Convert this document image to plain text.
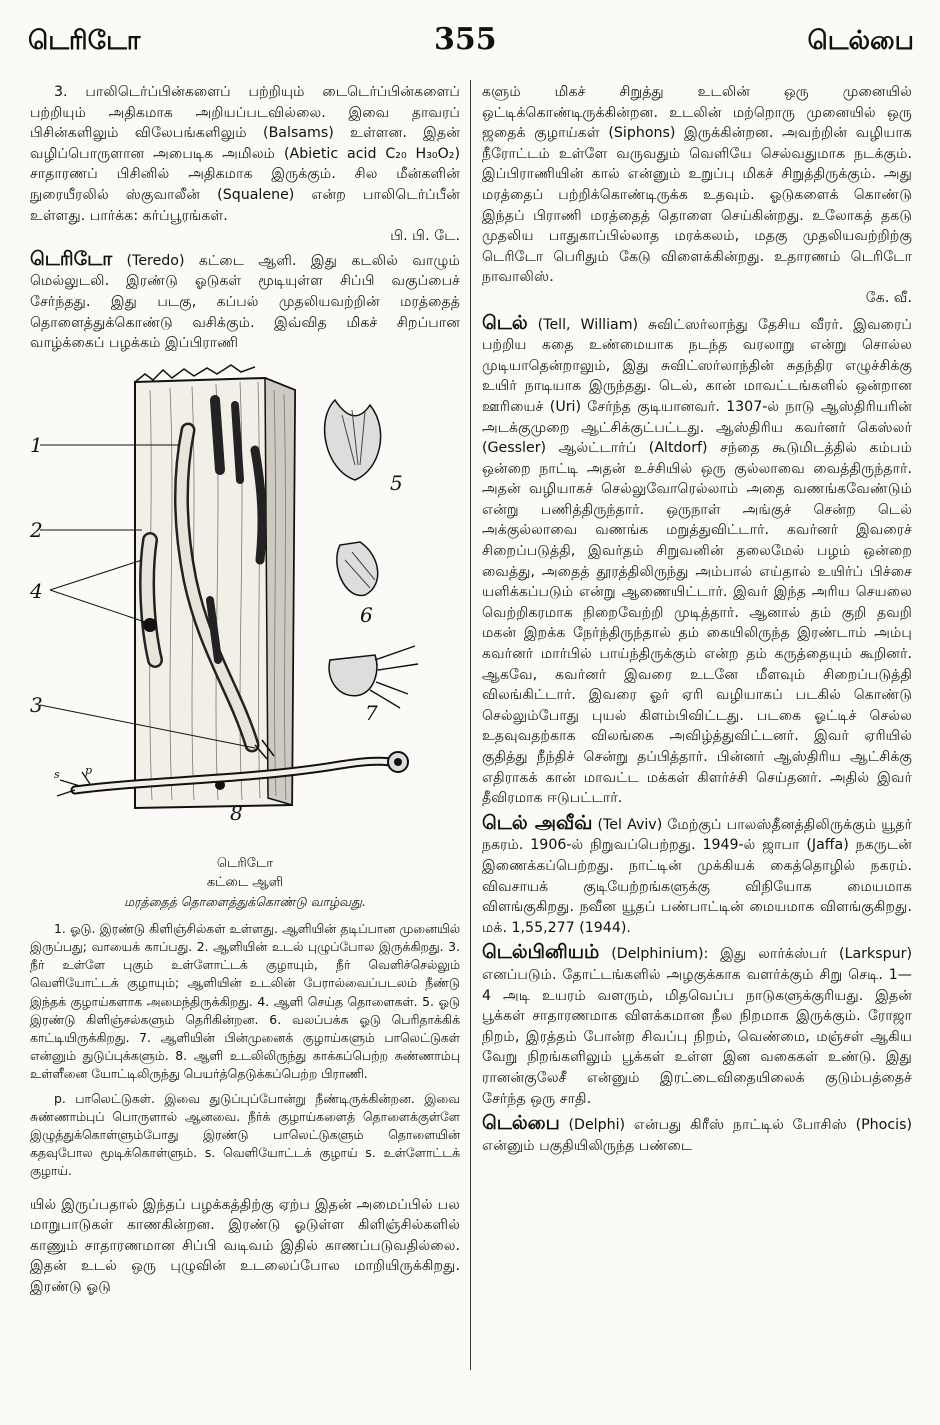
டெரிடோ	355	டெல்பை

3. பாலிடெர்ப்பின்களைப் பற்றியும் டைடெர்ப்பின்களைப் பற்றியும் அதிகமாக அறியப்படவில்லை. இவை தாவரப் பிசின்களிலும் விலேபங்களிலும் (Balsams) உள்ளன. இதன் வழிப்பொருளான அபைடிக அமிலம் (Abietic acid C₂₀ H₃₀O₂) சாதாரணப் பிசினில் அதிகமாக இருக்கும். சில மீன்களின் நுரையீரலில் ஸ்குவாலீன் (Squalene) என்ற பாலிடெர்ப்பீன் உள்ளது. பார்க்க: கர்ப்பூரங்கள்.

பி. பி. டே.

டெரிடோ (Teredo) கட்டை ஆளி. இது கடலில் வாழும் மெல்லுடலி. இரண்டு ஓடுகள் மூடியுள்ள சிப்பி வகுப்பைச் சேர்ந்தது. இது படகு, கப்பல் முதலியவற்றின் மரத்தைத் தொளைத்துக்கொண்டு வசிக்கும். இவ்வித மிகச் சிறப்பான வாழ்க்கைப் பழக்கம் இப்பிராணி

1
2
4
3
5
6
7
8
s p
டெரிடோ
கட்டை ஆளி
மரத்தைத் தொளைத்துக்கொண்டு வாழ்வது.

1. ஓடு. இரண்டு கிளிஞ்சில்கள் உள்ளது. ஆளியின் தடிப்பான முனையில் இருப்பது; வாயைக் காப்பது. 2. ஆளியின் உடல் புழுப்போல இருக்கிறது. 3. நீர் உள்ளே புகும் உள்ளோட்டக் குழாயும், நீர் வெளிச்செல்லும் வெளியோட்டக் குழாயும்; ஆளியின் உடலின் பேரால்வைப்படலம் நீண்டு இந்தக் குழாய்களாக அமைந்திருக்கிறது. 4. ஆளி செய்த தொளைகள். 5. ஓடு இரண்டு கிளிஞ்சல்களும் தெரிகின்றன. 6. வலப்பக்க ஓடு பெரிதாக்கிக் காட்டியிருக்கிறது. 7. ஆளியின் பின்முனைக் குழாய்களும் பாலெட்டுகள் என்னும் துடுப்புக்களும். 8. ஆளி உடலிலிருந்து காக்கப்பெற்ற சுண்ணாம்பு உள்ளீனை யோட்டிலிருந்து பெயர்த்தெடுக்கப்பெற்ற பிராணி.

p. பாலெட்டுகள். இவை துடுப்புப்போன்று நீண்டிருக்கின்றன. இவை சுண்ணாம்புப் பொருளால் ஆனவை. நீர்க் குழாய்களைத் தொளைக்குள்ளே இழுத்துக்கொள்ளும்போது இரண்டு பாலெட்டுகளும் தொளையின் கதவுபோல மூடிக்கொள்ளும். s. வெளியோட்டக் குழாய் s. உள்ளோட்டக் குழாய்.

யில் இருப்பதால் இந்தப் பழக்கத்திற்கு ஏற்ப இதன் அமைப்பில் பல மாறுபாடுகள் காணகின்றன. இரண்டு ஓடுள்ள கிளிஞ்சில்களில் காணும் சாதாரணமான சிப்பி வடிவம் இதில் காணப்படுவதில்லை. இதன் உடல் ஒரு புழுவின் உடலைப்போல மாறியிருக்கிறது. இரண்டு ஓடு

களும் மிகச் சிறுத்து உடலின் ஒரு முனையில் ஒட்டிக்கொண்டிருக்கின்றன. உடலின் மற்றொரு முனையில் ஒரு ஜதைக் குழாய்கள் (Siphons) இருக்கின்றன. அவற்றின் வழியாக நீரோட்டம் உள்ளே வருவதும் வெளியே செல்வதுமாக நடக்கும். இப்பிராணியின் கால் என்னும் உறுப்பு மிகச் சிறுத்திருக்கும். அது மரத்தைப் பற்றிக்கொண்டிருக்க உதவும். ஓடுகளைக் கொண்டு இந்தப் பிராணி மரத்தைத் தொளை செய்கின்றது. உலோகத் தகடு முதலிய பாதுகாப்பில்லாத மரக்கலம், மதகு முதலியவற்றிற்கு டெரிடோ பெரிதும் கேடு விளைக்கின்றது. உதாரணம் டெரிடோ நாவாலிஸ்.

கே. வீ.

டெல் (Tell, William) சுவிட்ஸர்லாந்து தேசிய வீரர். இவரைப் பற்றிய கதை உண்மையாக நடந்த வரலாறு என்று சொல்ல முடியாதென்றாலும், இது சுவிட்ஸர்லாந்தின் சுதந்திர எழுச்சிக்கு உயிர் நாடியாக இருந்தது. டெல், கான் மாவட்டங்களில் ஒன்றான ஊரியைச் (Uri) சேர்ந்த குடியானவர். 1307-ல் நாடு ஆஸ்திரியரின் அடக்குமுறை ஆட்சிக்குட்பட்டது. ஆஸ்திரிய கவர்னர் கெஸ்லர் (Gessler) ஆல்ட்டார்ப் (Altdorf) சந்தை கூடுமிடத்தில் கம்பம் ஒன்றை நாட்டி அதன் உச்சியில் ஒரு குல்லாவை வைத்திருந்தார். அதன் வழியாகச் செல்லுவோரெல்லாம் அதை வணங்கவேண்டும் என்று பணித்திருந்தார். ஒருநாள் அங்குச் சென்ற டெல் அக்குல்லாவை வணங்க மறுத்துவிட்டார். கவர்னர் இவரைச் சிறைப்படுத்தி, இவர்தம் சிறுவனின் தலைமேல் பழம் ஒன்றை வைத்து, அதைத் தூரத்திலிருந்து அம்பால் எய்தால் உயிர்ப் பிச்சை யளிக்கப்படும் என்று ஆணையிட்டார். இவர் இந்த அரிய செயலை வெற்றிகரமாக நிறைவேற்றி முடித்தார். ஆனால் தம் குறி தவறி மகன் இறக்க நேர்ந்திருந்தால் தம் கையிலிருந்த இரண்டாம் அம்பு கவர்னர் மார்பில் பாய்ந்திருக்கும் என்ற தம் கருத்தையும் கூறினர். ஆகவே, கவர்னர் இவரை உடனே மீளவும் சிறைப்படுத்தி விலங்கிட்டார். இவரை ஓர் ஏரி வழியாகப் படகில் கொண்டு செல்லும்போது புயல் கிளம்பிவிட்டது. படகை ஓட்டிச் செல்ல உதவுவதற்காக விலங்கை அவிழ்த்துவிட்டனர். இவர் ஏரியில் குதித்து நீந்திச் சென்று தப்பித்தார். பின்னர் ஆஸ்திரிய ஆட்சிக்கு எதிராகக் கான் மாவட்ட மக்கள் கிளர்ச்சி செய்தனர். அதில் இவர் தீவிரமாக ஈடுபட்டார்.

டெல் அவீவ் (Tel Aviv) மேற்குப் பாலஸ்தீனத்திலிருக்கும் யூதர் நகரம். 1906-ல் நிறுவப்பெற்றது. 1949-ல் ஜாபா (Jaffa) நகருடன் இணைக்கப்பெற்றது. நாட்டின் முக்கியக் கைத்தொழில் நகரம். விவசாயக் குடியேற்றங்களுக்கு விநியோக மையமாக விளங்குகிறது. நவீன யூதப் பண்பாட்டின் மையமாக விளங்குகிறது. மக். 1,55,277 (1944).

டெல்பினியம் (Delphinium): இது லார்க்ஸ்பர் (Larkspur) எனப்படும். தோட்டங்களில் அழகுக்காக வளர்க்கும் சிறு செடி. 1—4 அடி உயரம் வளரும், மிதவெப்ப நாடுகளுக்குரியது. இதன் பூக்கள் சாதாரணமாக விளக்கமான நீல நிறமாக இருக்கும். ரோஜா நிறம், இரத்தம் போன்ற சிவப்பு நிறம், வெண்மை, மஞ்சள் ஆகிய வேறு நிறங்களிலும் பூக்கள் உள்ள இன வகைகள் உண்டு. இது ரானன்குலேசீ என்னும் இரட்டைவிதையிலைக் குடும்பத்தைச் சேர்ந்த ஒரு சாதி.

டெல்பை (Delphi) என்பது கிரீஸ் நாட்டில் போசிஸ் (Phocis) என்னும் பகுதியிலிருந்த பண்டை
